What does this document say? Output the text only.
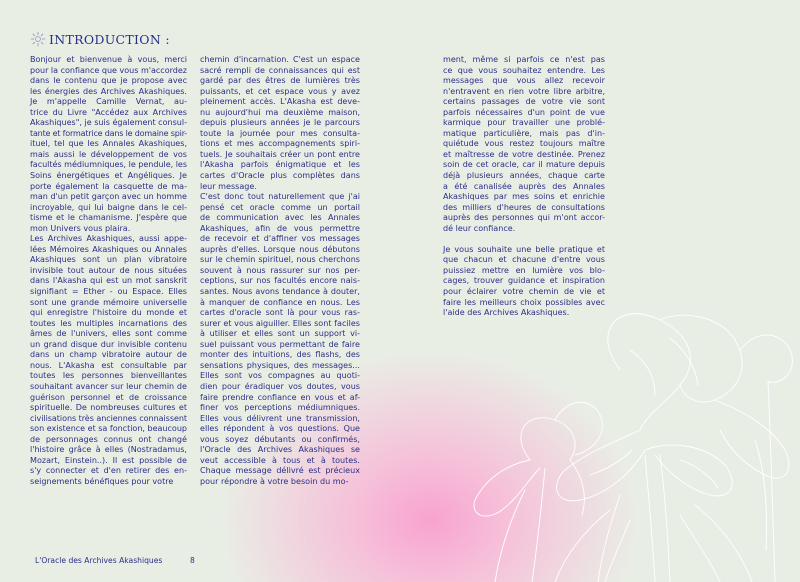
INTRODUCTION :
Bonjour et bienvenue à vous, merci
pour la confiance que vous m'accordez
dans le contenu que je propose avec
les énergies des Archives Akashiques.
Je m'appelle Camille Vernat, au-
trice du Livre "Accédez aux Archives
Akashiques", je suis également consul-
tante et formatrice dans le domaine spir-
ituel, tel que les Annales Akashiques,
mais aussi le développement de vos
facultés médiumniques, le pendule, les
Soins énergétiques et Angéliques. Je
porte également la casquette de ma-
man d'un petit garçon avec un homme
incroyable, qui lui baigne dans le cel-
tisme et le chamanisme. J'espère que
mon Univers vous plaira.
Les Archives Akashiques, aussi appe-
lées Mémoires Akashiques ou Annales
Akashiques sont un plan vibratoire
invisible tout autour de nous situées
dans l'Akasha qui est un mot sanskrit
signifiant = Ether - ou Espace. Elles
sont une grande mémoire universelle
qui enregistre l'histoire du monde et
toutes les multiples incarnations des
âmes de l'univers, elles sont comme
un grand disque dur invisible contenu
dans un champ vibratoire autour de
nous. L'Akasha est consultable par
toutes les personnes bienveillantes
souhaitant avancer sur leur chemin de
guérison personnel et de croissance
spirituelle. De nombreuses cultures et
civilisations très anciennes connaissent
son existence et sa fonction, beaucoup
de personnages connus ont changé
l'histoire grâce à elles (Nostradamus,
Mozart, Einstein..). Il est possible de
s'y connecter et d'en retirer des en-
seignements bénéfiques pour votre
chemin d'incarnation. C'est un espace
sacré rempli de connaissances qui est
gardé par des êtres de lumières très
puissants, et cet espace vous y avez
pleinement accès. L'Akasha est deve-
nu aujourd'hui ma deuxième maison,
depuis plusieurs années je le parcours
toute la journée pour mes consulta-
tions et mes accompagnements spiri-
tuels. Je souhaitais créer un pont entre
l'Akasha parfois énigmatique et les
cartes d'Oracle plus complètes dans
leur message.
C'est donc tout naturellement que j'ai
pensé cet oracle comme un portail
de communication avec les Annales
Akashiques, afin de vous permettre
de recevoir et d'affiner vos messages
auprès d'elles. Lorsque nous débutons
sur le chemin spirituel, nous cherchons
souvent à nous rassurer sur nos per-
ceptions, sur nos facultés encore nais-
santes. Nous avons tendance à douter,
à manquer de confiance en nous. Les
cartes d'oracle sont là pour vous ras-
surer et vous aiguiller. Elles sont faciles
à utiliser et elles sont un support vi-
suel puissant vous permettant de faire
monter des intuitions, des flashs, des
sensations physiques, des messages...
Elles sont vos compagnes au quoti-
dien pour éradiquer vos doutes, vous
faire prendre confiance en vous et af-
finer vos perceptions médiumniques.
Elles vous délivrent une transmission,
elles répondent à vos questions. Que
vous soyez débutants ou confirmés,
l'Oracle des Archives Akashiques se
veut accessible à tous et à toutes.
Chaque message délivré est précieux
pour répondre à votre besoin du mo-
ment, même si parfois ce n'est pas
ce que vous souhaitez entendre. Les
messages que vous allez recevoir
n'entravent en rien votre libre arbitre,
certains passages de votre vie sont
parfois nécessaires d'un point de vue
karmique pour travailler une problé-
matique particulière, mais pas d'in-
quiétude vous restez toujours maître
et maîtresse de votre destinée. Prenez
soin de cet oracle, car il mature depuis
déjà plusieurs années, chaque carte
a été canalisée auprès des Annales
Akashiques par mes soins et enrichie
des milliers d'heures de consultations
auprès des personnes qui m'ont accor-
dé leur confiance.

Je vous souhaite une belle pratique et
que chacun et chacune d'entre vous
puissiez mettre en lumière vos blo-
cages, trouver guidance et inspiration
pour éclairer votre chemin de vie et
faire les meilleurs choix possibles avec
l'aide des Archives Akashiques.
L'Oracle des Archives Akashiques	8
